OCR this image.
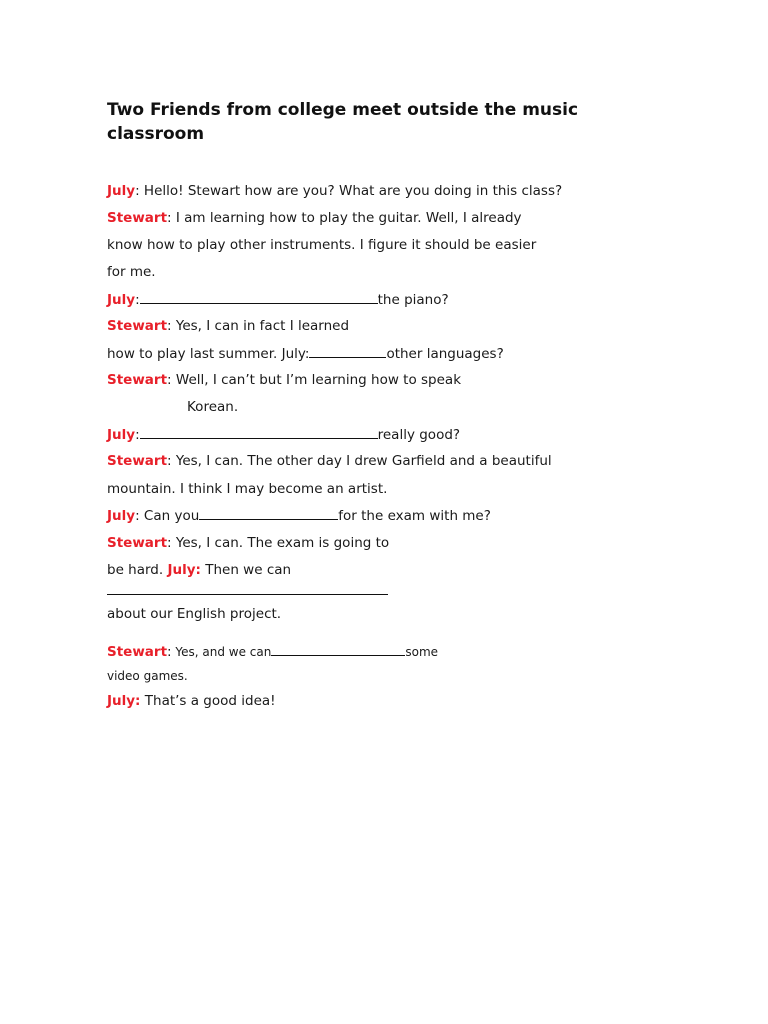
Two Friends from college meet outside the music classroom
July: Hello! Stewart how are you? What are you doing in this class?
Stewart: I am learning how to play the guitar. Well, I already
know how to play other instruments. I figure it should be easier
for me.
July:	the piano?
Stewart: Yes, I can in fact I learned
how to play last summer. July:	other languages?
Stewart: Well, I can’t but I’m learning how to speak
Korean.
July:	really good?
Stewart: Yes, I can. The other day I drew Garfield and a beautiful
mountain. I think I may become an artist.
July: Can you	for the exam with me?
Stewart: Yes, I can. The exam is going to
be hard. July: Then we can
about our English project.
Stewart: Yes, and we can	some
video games.
July: That’s a good idea!
